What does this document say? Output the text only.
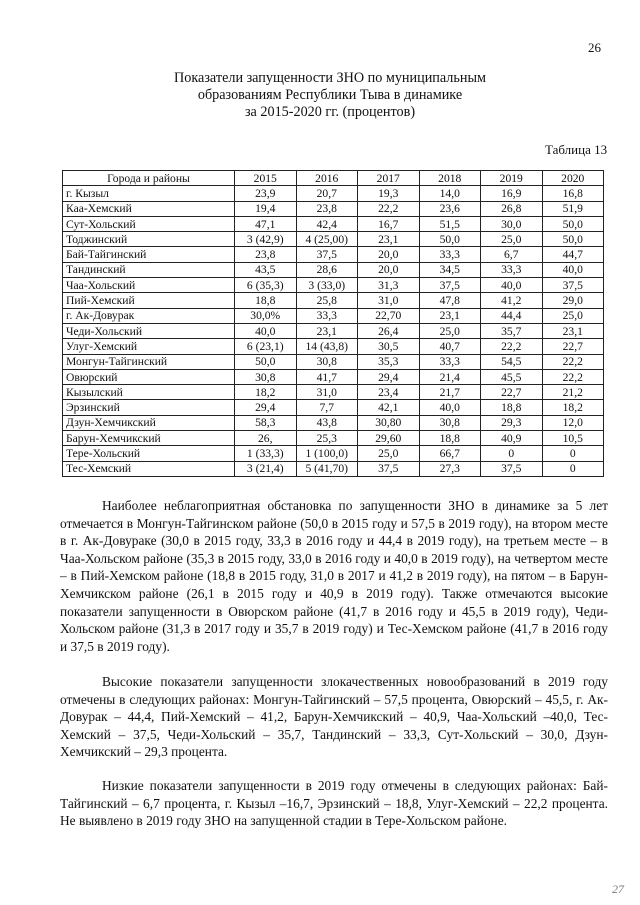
26
Показатели запущенности ЗНО по муниципальным
образованиям Республики Тыва в динамике
за 2015-2020 гг. (процентов)
Таблица 13
Города и районы	2015	2016	2017	2018	2019	2020
г. Кызыл	23,9	20,7	19,3	14,0	16,9	16,8
Каа-Хемский	19,4	23,8	22,2	23,6	26,8	51,9
Сут-Хольский	47,1	42,4	16,7	51,5	30,0	50,0
Тоджинский	3 (42,9)	4 (25,00)	23,1	50,0	25,0	50,0
Бай-Тайгинский	23,8	37,5	20,0	33,3	6,7	44,7
Тандинский	43,5	28,6	20,0	34,5	33,3	40,0
Чаа-Хольский	6 (35,3)	3 (33,0)	31,3	37,5	40,0	37,5
Пий-Хемский	18,8	25,8	31,0	47,8	41,2	29,0
г. Ак-Довурак	30,0%	33,3	22,70	23,1	44,4	25,0
Чеди-Хольский	40,0	23,1	26,4	25,0	35,7	23,1
Улуг-Хемский	6 (23,1)	14 (43,8)	30,5	40,7	22,2	22,7
Монгун-Тайгинский	50,0	30,8	35,3	33,3	54,5	22,2
Овюрский	30,8	41,7	29,4	21,4	45,5	22,2
Кызылский	18,2	31,0	23,4	21,7	22,7	21,2
Эрзинский	29,4	7,7	42,1	40,0	18,8	18,2
Дзун-Хемчикский	58,3	43,8	30,80	30,8	29,3	12,0
Барун-Хемчикский	26,	25,3	29,60	18,8	40,9	10,5
Тере-Хольский	1 (33,3)	1 (100,0)	25,0	66,7	0	0
Тес-Хемский	3 (21,4)	5 (41,70)	37,5	27,3	37,5	0

Наиболее неблагоприятная обстановка по запущенности ЗНО в динамике за 5 лет отмечается в Монгун-Тайгинском районе (50,0 в 2015 году и 57,5 в 2019 году), на втором месте в г. Ак-Довураке (30,0 в 2015 году, 33,3 в 2016 году и 44,4 в 2019 году), на третьем месте – в Чаа-Хольском районе (35,3 в 2015 году, 33,0 в 2016 году и 40,0 в 2019 году), на четвертом месте – в Пий-Хемском районе (18,8 в 2015 году, 31,0 в 2017 и 41,2 в 2019 году), на пятом – в Барун-Хемчикском районе (26,1 в 2015 году и 40,9 в 2019 году). Также отмечаются высокие показатели запущенности в Овюрском районе (41,7 в 2016 году и 45,5 в 2019 году), Чеди-Хольском районе (31,3 в 2017 году и 35,7 в 2019 году) и Тес-Хемском районе (41,7 в 2016 году и 37,5 в 2019 году).

Высокие показатели запущенности злокачественных новообразований в 2019 году отмечены в следующих районах: Монгун-Тайгинский – 57,5 процента, Овюрский – 45,5, г. Ак-Довурак – 44,4, Пий-Хемский – 41,2, Барун-Хемчикский – 40,9, Чаа-Хольский –40,0, Тес-Хемский – 37,5, Чеди-Хольский – 35,7, Тандинский – 33,3, Сут-Хольский – 30,0, Дзун-Хемчикский – 29,3 процента.

Низкие показатели запущенности в 2019 году отмечены в следующих районах: Бай-Тайгинский – 6,7 процента, г. Кызыл –16,7, Эрзинский – 18,8, Улуг-Хемский – 22,2 процента. Не выявлено в 2019 году ЗНО на запущенной стадии в Тере-Хольском районе.

27
